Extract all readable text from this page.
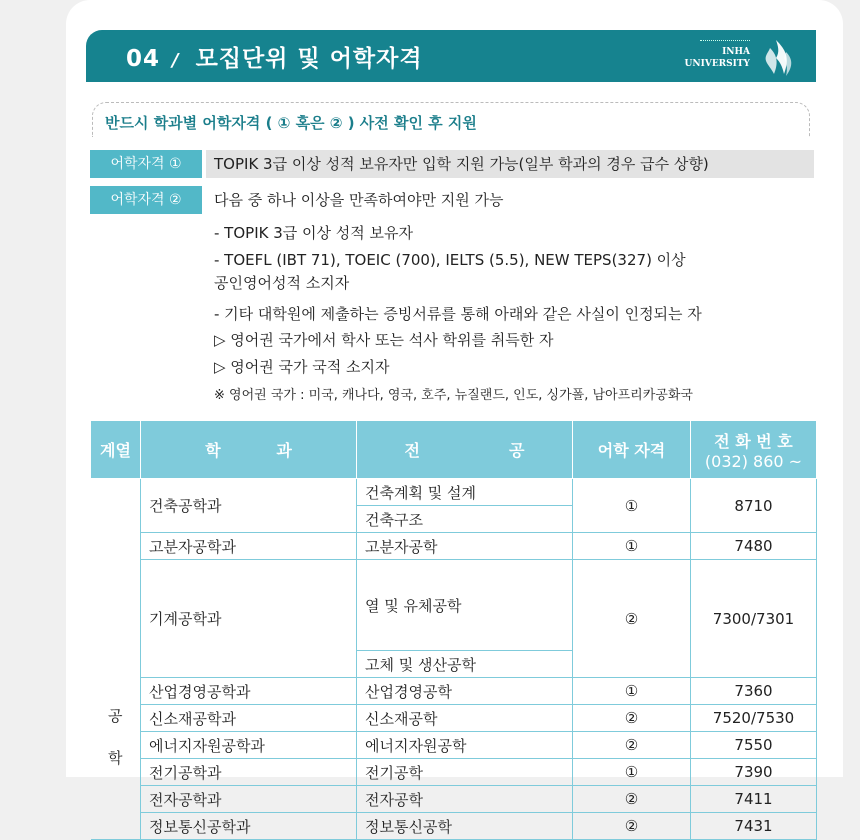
04 / 모집단위 및 어학자격	INHA
UNIVERSITY
반드시 학과별 어학자격 ( ① 혹은 ② ) 사전 확인 후 지원
어학자격 ①	TOPIK 3급 이상 성적 보유자만 입학 지원 가능(일부 학과의 경우 급수 상향)
어학자격 ②	다음 중 하나 이상을 만족하여야만 지원 가능
- TOPIK 3급 이상 성적 보유자
- TOEFL (IBT 71), TOEIC (700), IELTS (5.5), NEW TEPS(327) 이상
공인영어성적 소지자
- 기타 대학원에 제출하는 증빙서류를 통해 아래와 같은 사실이 인정되는 자
▷ 영어권 국가에서 학사 또는 석사 학위를 취득한 자
▷ 영어권 국가 국적 소지자
※ 영어권 국가 : 미국, 캐나다, 영국, 호주, 뉴질랜드, 인도, 싱가폴, 남아프리카공화국
계열	학          과	전                공	어학 자격	전 화 번 호
(032) 860 ~

공
학	건축공학과	건축계획 및 설계	①	8710
		건축구조		
	고분자공학과	고분자공학	①	7480
	기계공학과	열 및 유체공학	②	7300/7301
		고체 및 생산공학		
	산업경영공학과	산업경영공학	①	7360
	신소재공학과	신소재공학	②	7520/7530
	에너지자원공학과	에너지자원공학	②	7550
	전기공학과	전기공학	①	7390
	전자공학과	전자공학	②	7411
	정보통신공학과	정보통신공학	②	7431
